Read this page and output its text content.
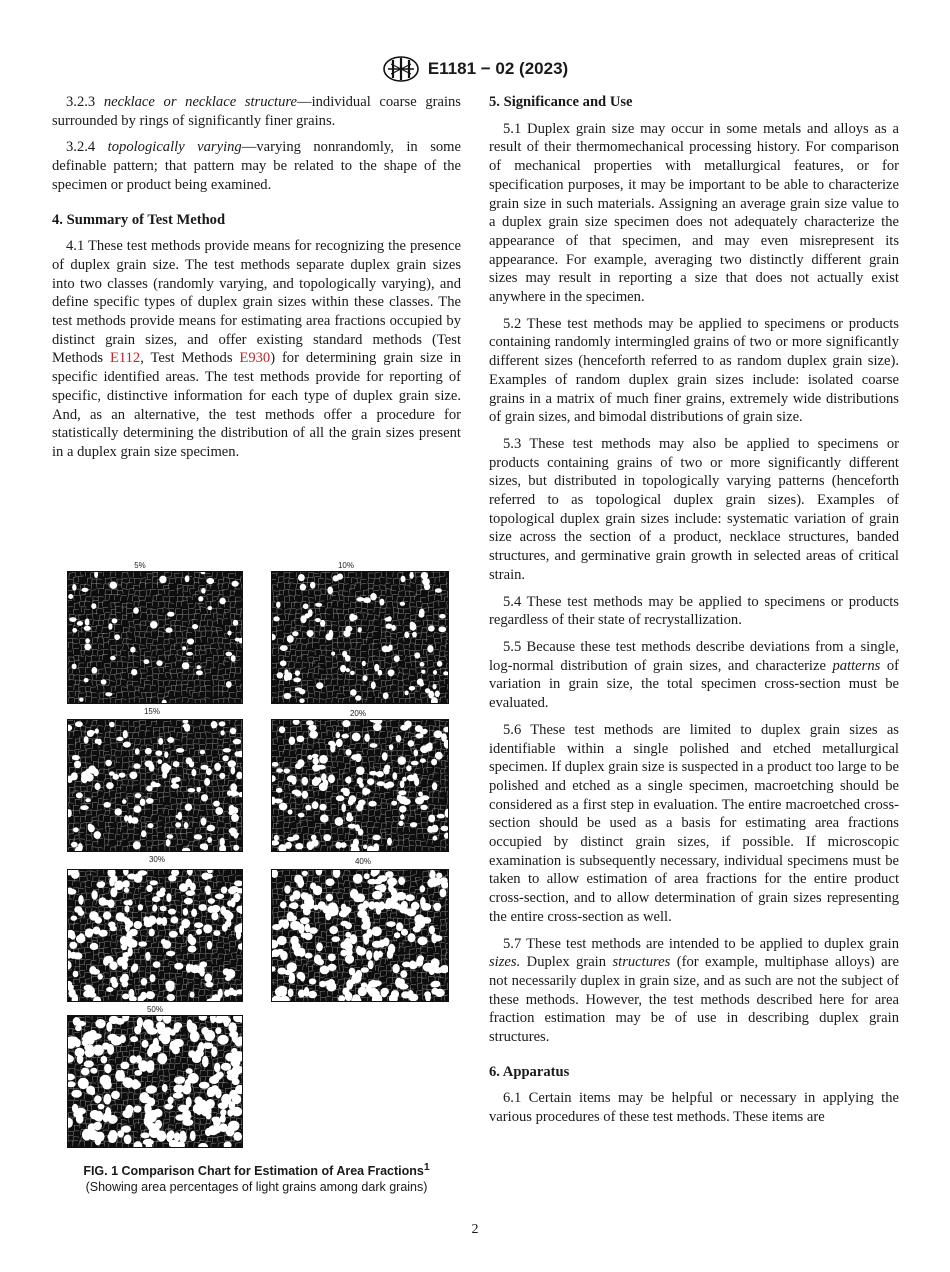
E1181 − 02 (2023)

3.2.3 necklace or necklace structure—individual coarse grains surrounded by rings of significantly finer grains.

3.2.4 topologically varying—varying nonrandomly, in some definable pattern; that pattern may be related to the shape of the specimen or product being examined.

4. Summary of Test Method

4.1 These test methods provide means for recognizing the presence of duplex grain size. The test methods separate duplex grain sizes into two classes (randomly varying, and topologically varying), and define specific types of duplex grain sizes within these classes. The test methods provide means for estimating area fractions occupied by distinct grain sizes, and offer existing standard methods (Test Methods E112, Test Methods E930) for determining grain size in specific identified areas. The test methods provide for reporting of specific, distinctive information for each type of duplex grain size. And, as an alternative, the test methods offer a procedure for statistically determining the distribution of all the grain sizes present in a duplex grain size specimen.

5%	10%
15%	20%
30%	40%
50%
FIG. 1 Comparison Chart for Estimation of Area Fractions$^1$
(Showing area percentages of light grains among dark grains)
5. Significance and Use

5.1 Duplex grain size may occur in some metals and alloys as a result of their thermomechanical processing history. For comparison of mechanical properties with metallurgical features, or for specification purposes, it may be important to be able to characterize grain size in such materials. Assigning an average grain size value to a duplex grain size specimen does not adequately characterize the appearance of that specimen, and may even misrepresent its appearance. For example, averaging two distinctly different grain sizes may result in reporting a size that does not actually exist anywhere in the specimen.

5.2 These test methods may be applied to specimens or products containing randomly intermingled grains of two or more significantly different sizes (henceforth referred to as random duplex grain size). Examples of random duplex grain sizes include: isolated coarse grains in a matrix of much finer grains, extremely wide distributions of grain sizes, and bimodal distributions of grain size.

5.3 These test methods may also be applied to specimens or products containing grains of two or more significantly different sizes, but distributed in topologically varying patterns (henceforth referred to as topological duplex grain sizes). Examples of topological duplex grain sizes include: systematic variation of grain size across the section of a product, necklace structures, banded structures, and germinative grain growth in selected areas of critical strain.

5.4 These test methods may be applied to specimens or products regardless of their state of recrystallization.

5.5 Because these test methods describe deviations from a single, log-normal distribution of grain sizes, and characterize patterns of variation in grain size, the total specimen cross-section must be evaluated.

5.6 These test methods are limited to duplex grain sizes as identifiable within a single polished and etched metallurgical specimen. If duplex grain size is suspected in a product too large to be polished and etched as a single specimen, macroetching should be considered as a first step in evaluation. The entire macroetched cross-section should be used as a basis for estimating area fractions occupied by distinct grain sizes, if possible. If microscopic examination is subsequently necessary, individual specimens must be taken to allow estimation of area fractions for the entire product cross-section, and to allow determination of grain sizes representing the entire cross-section as well.

5.7 These test methods are intended to be applied to duplex grain sizes. Duplex grain structures (for example, multiphase alloys) are not necessarily duplex in grain size, and as such are not the subject of these methods. However, the test methods described here for area fraction estimation may be of use in describing duplex grain structures.

6. Apparatus

6.1 Certain items may be helpful or necessary in applying the various procedures of these test methods. These items are

2
